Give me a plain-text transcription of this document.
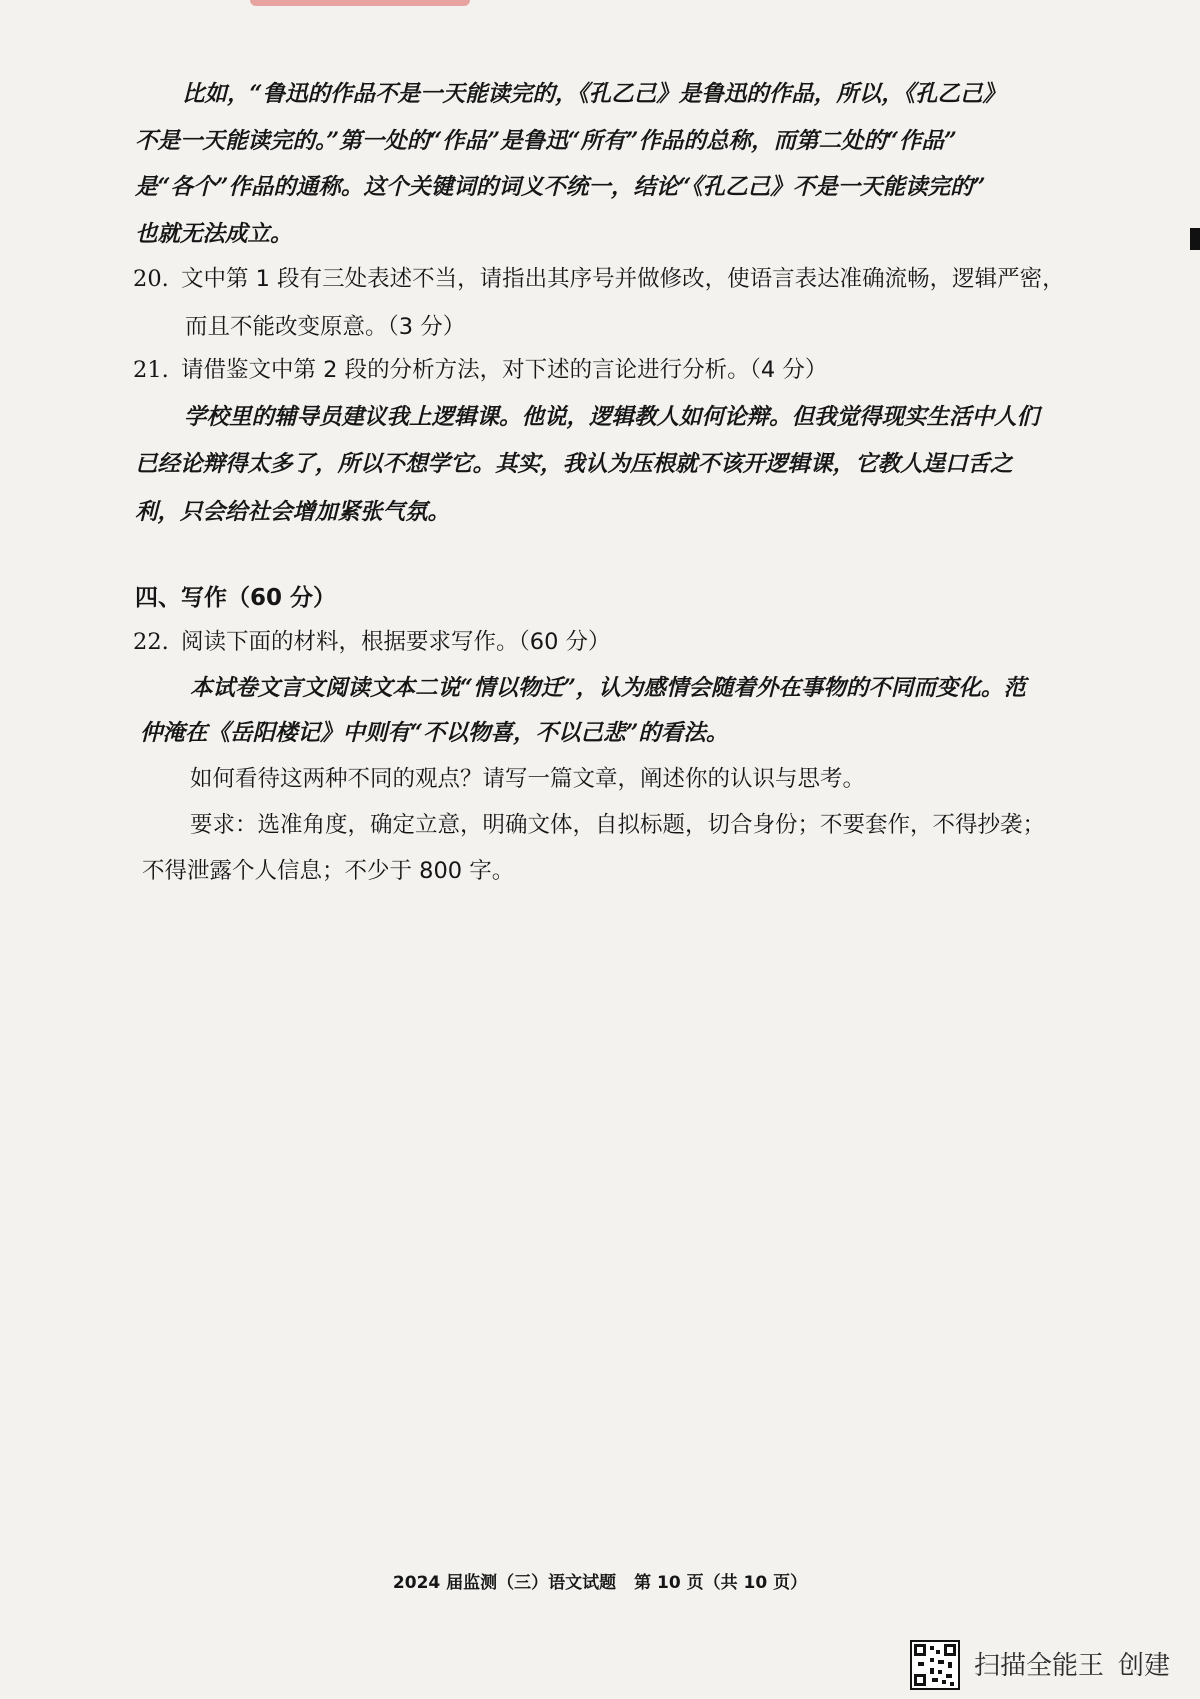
比如，“鲁迅的作品不是一天能读完的，《孔乙己》是鲁迅的作品，所以，《孔乙己》
不是一天能读完的。”第一处的“作品”是鲁迅“所有”作品的总称，而第二处的“作品”
是“各个”作品的通称。这个关键词的词义不统一，结论“《孔乙己》不是一天能读完的”
也就无法成立。
20. 文中第 1 段有三处表述不当，请指出其序号并做修改，使语言表达准确流畅，逻辑严密，
而且不能改变原意。（3 分）
21. 请借鉴文中第 2 段的分析方法，对下述的言论进行分析。（4 分）
学校里的辅导员建议我上逻辑课。他说，逻辑教人如何论辩。但我觉得现实生活中人们
已经论辩得太多了，所以不想学它。其实，我认为压根就不该开逻辑课，它教人逞口舌之
利，只会给社会增加紧张气氛。
四、写作（60 分）
22. 阅读下面的材料，根据要求写作。（60 分）
本试卷文言文阅读文本二说“情以物迁”，认为感情会随着外在事物的不同而变化。范
仲淹在《岳阳楼记》中则有“不以物喜，不以己悲”的看法。
如何看待这两种不同的观点？请写一篇文章，阐述你的认识与思考。
要求：选准角度，确定立意，明确文体，自拟标题，切合身份；不要套作，不得抄袭；
不得泄露个人信息；不少于 800 字。
2024 届监测（三）语文试题 第 10 页（共 10 页）
扫描全能王 创建
